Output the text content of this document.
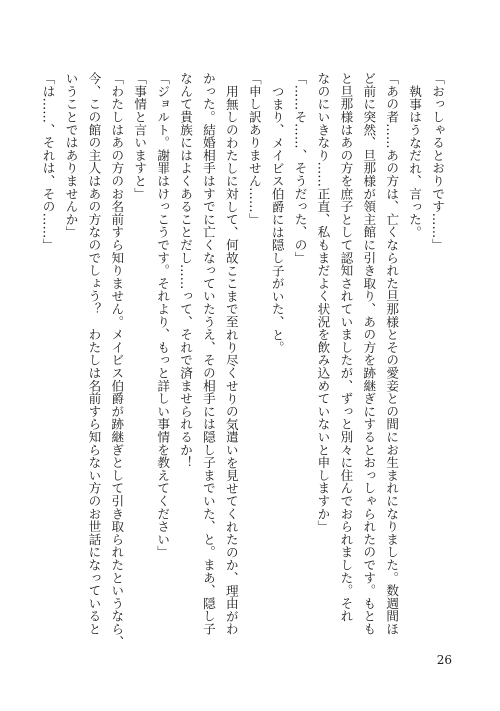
「おっしゃるとおりです……」
執事はうなだれ、言った。
「あの者……あの方は、亡くなられた旦那様とその愛妾との間にお生まれになりました。数週間ほ
ど前に突然、旦那様が領主館に引き取り、あの方を跡継ぎにするとおっしゃられたのです。もとも
と旦那様はあの方を庶子として認知されていましたが、ずっと別々に住んでおられました。それ
なのにいきなり……正直、私もまだよく状況を飲み込めていないと申しますか」
「……そ……、そうだった、の」
つまり、メイビス伯爵には隠し子がいた、と。
「申し訳ありません……」
用無しのわたしに対して、何故ここまで至れり尽くせりの気遣いを見せてくれたのか、理由がわ
かった。結婚相手はすでに亡くなっていたうえ、その相手には隠し子までいた、と。まあ、隠し子
なんて貴族にはよくあることだし……って、それで済ませられるか！
「ジョルト。謝罪はけっこうです。それより、もっと詳しい事情を教えてください」
「事情と言いますと」
「わたしはあの方のお名前すら知りません。メイビス伯爵が跡継ぎとして引き取られたというなら、
今、この館の主人はあの方なのでしょう？　わたしは名前すら知らない方のお世話になっていると
いうことではありませんか」
「は……、それは、その……」
26
